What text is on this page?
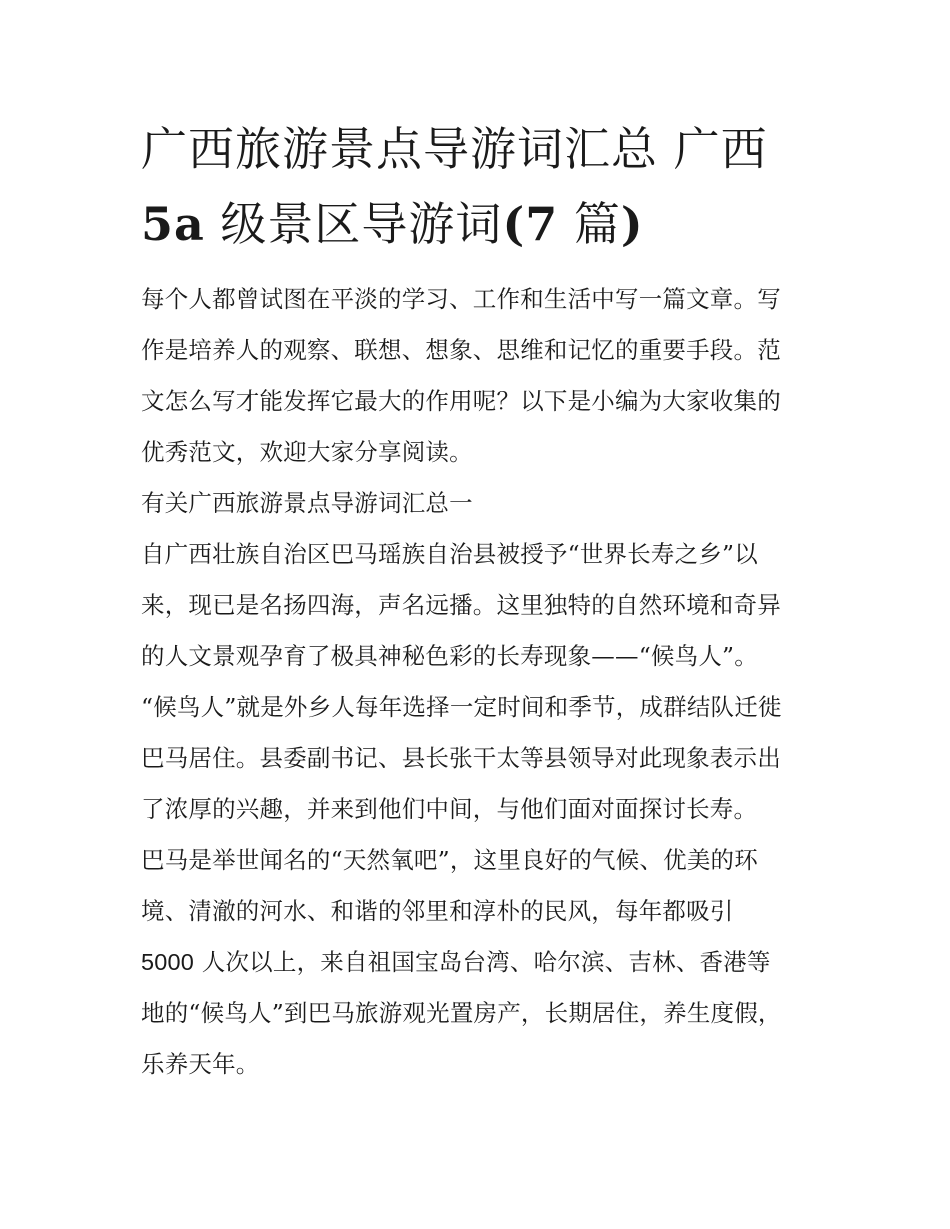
广西旅游景点导游词汇总 广西
5a 级景区导游词(7 篇)

每个人都曾试图在平淡的学习、工作和生活中写一篇文章。写
作是培养人的观察、联想、想象、思维和记忆的重要手段。范
文怎么写才能发挥它最大的作用呢？以下是小编为大家收集的
优秀范文，欢迎大家分享阅读。

有关广西旅游景点导游词汇总一

自广西壮族自治区巴马瑶族自治县被授予“世界长寿之乡”以
来，现已是名扬四海，声名远播。这里独特的自然环境和奇异
的人文景观孕育了极具神秘色彩的长寿现象——“候鸟人”。

“候鸟人”就是外乡人每年选择一定时间和季节，成群结队迁徙
巴马居住。县委副书记、县长张干太等县领导对此现象表示出
了浓厚的兴趣，并来到他们中间，与他们面对面探讨长寿。

巴马是举世闻名的“天然氧吧”，这里良好的气候、优美的环
境、清澈的河水、和谐的邻里和淳朴的民风，每年都吸引
5000 人次以上，来自祖国宝岛台湾、哈尔滨、吉林、香港等
地的“候鸟人”到巴马旅游观光置房产，长期居住，养生度假，
乐养天年。
